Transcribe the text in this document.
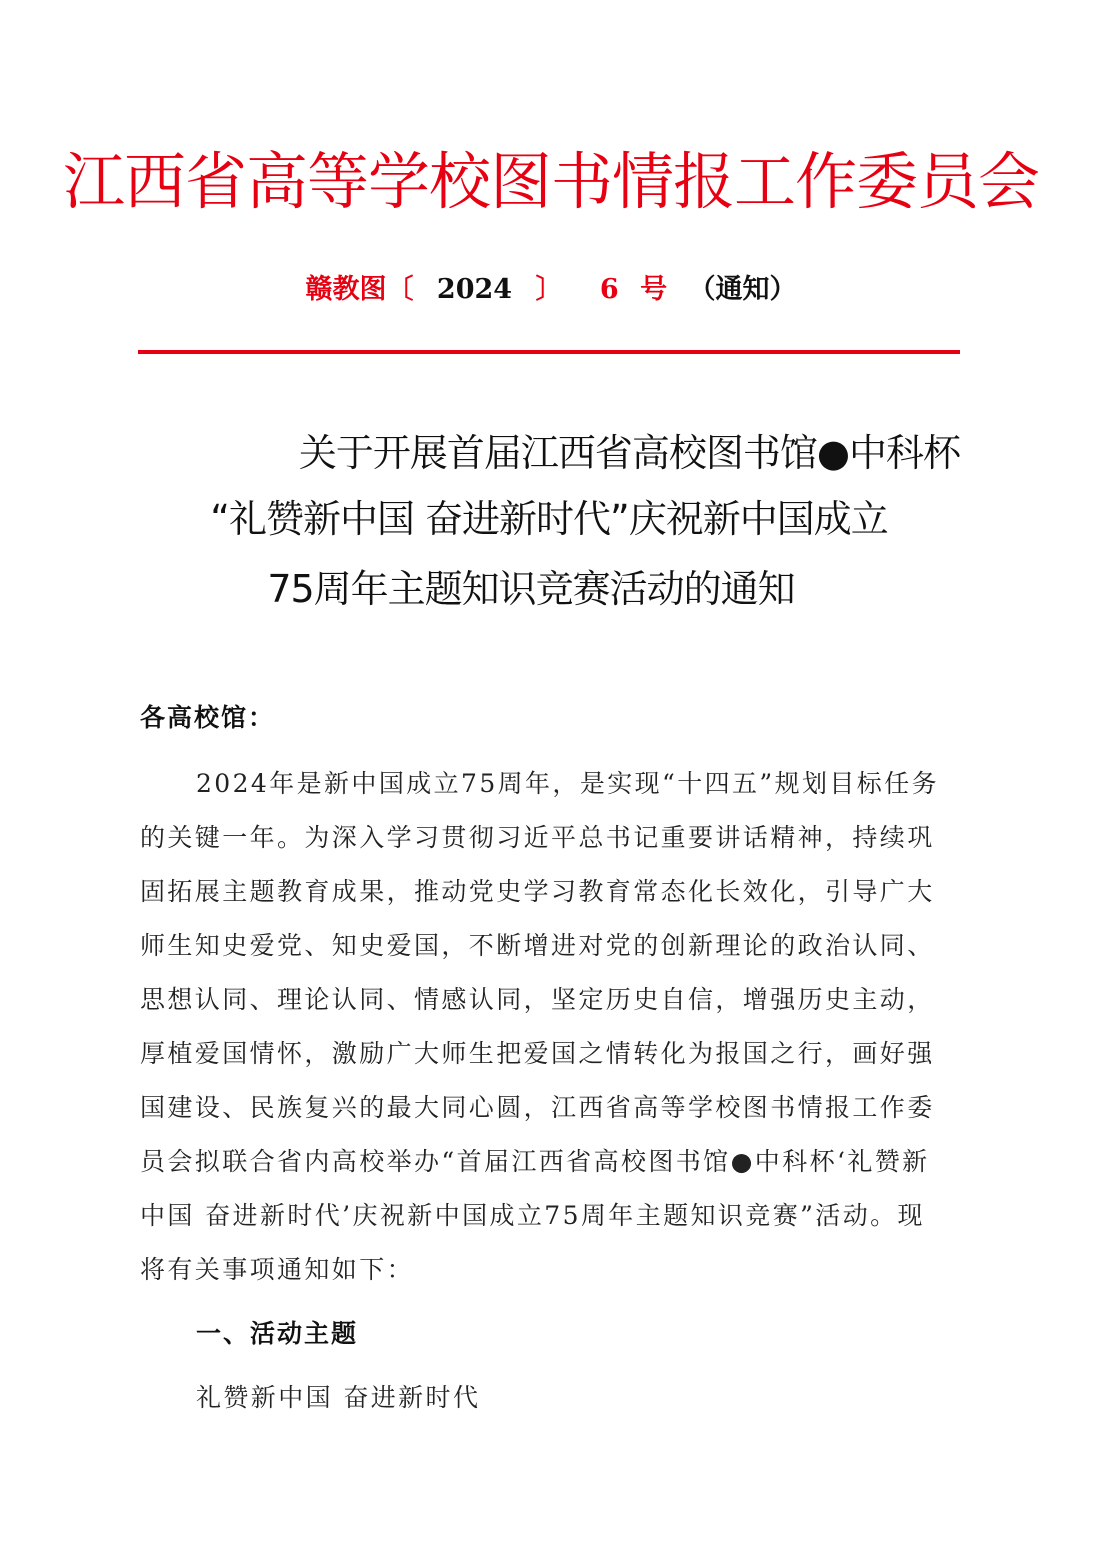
江西省高等学校图书情报工作委员会
赣教图〔 2024 〕 6 号 （通知）
关于开展首届江西省高校图书馆●中科杯
“礼赞新中国 奋进新时代”庆祝新中国成立
75周年主题知识竞赛活动的通知
各高校馆：
2024年是新中国成立75周年，是实现“十四五”规划目标任务
的关键一年。为深入学习贯彻习近平总书记重要讲话精神，持续巩
固拓展主题教育成果，推动党史学习教育常态化长效化，引导广大
师生知史爱党、知史爱国，不断增进对党的创新理论的政治认同、
思想认同、理论认同、情感认同，坚定历史自信，增强历史主动，
厚植爱国情怀，激励广大师生把爱国之情转化为报国之行，画好强
国建设、民族复兴的最大同心圆，江西省高等学校图书情报工作委
员会拟联合省内高校举办“首届江西省高校图书馆●中科杯‘礼赞新
中国 奋进新时代’庆祝新中国成立75周年主题知识竞赛”活动。现
将有关事项通知如下：
一、活动主题
礼赞新中国 奋进新时代
